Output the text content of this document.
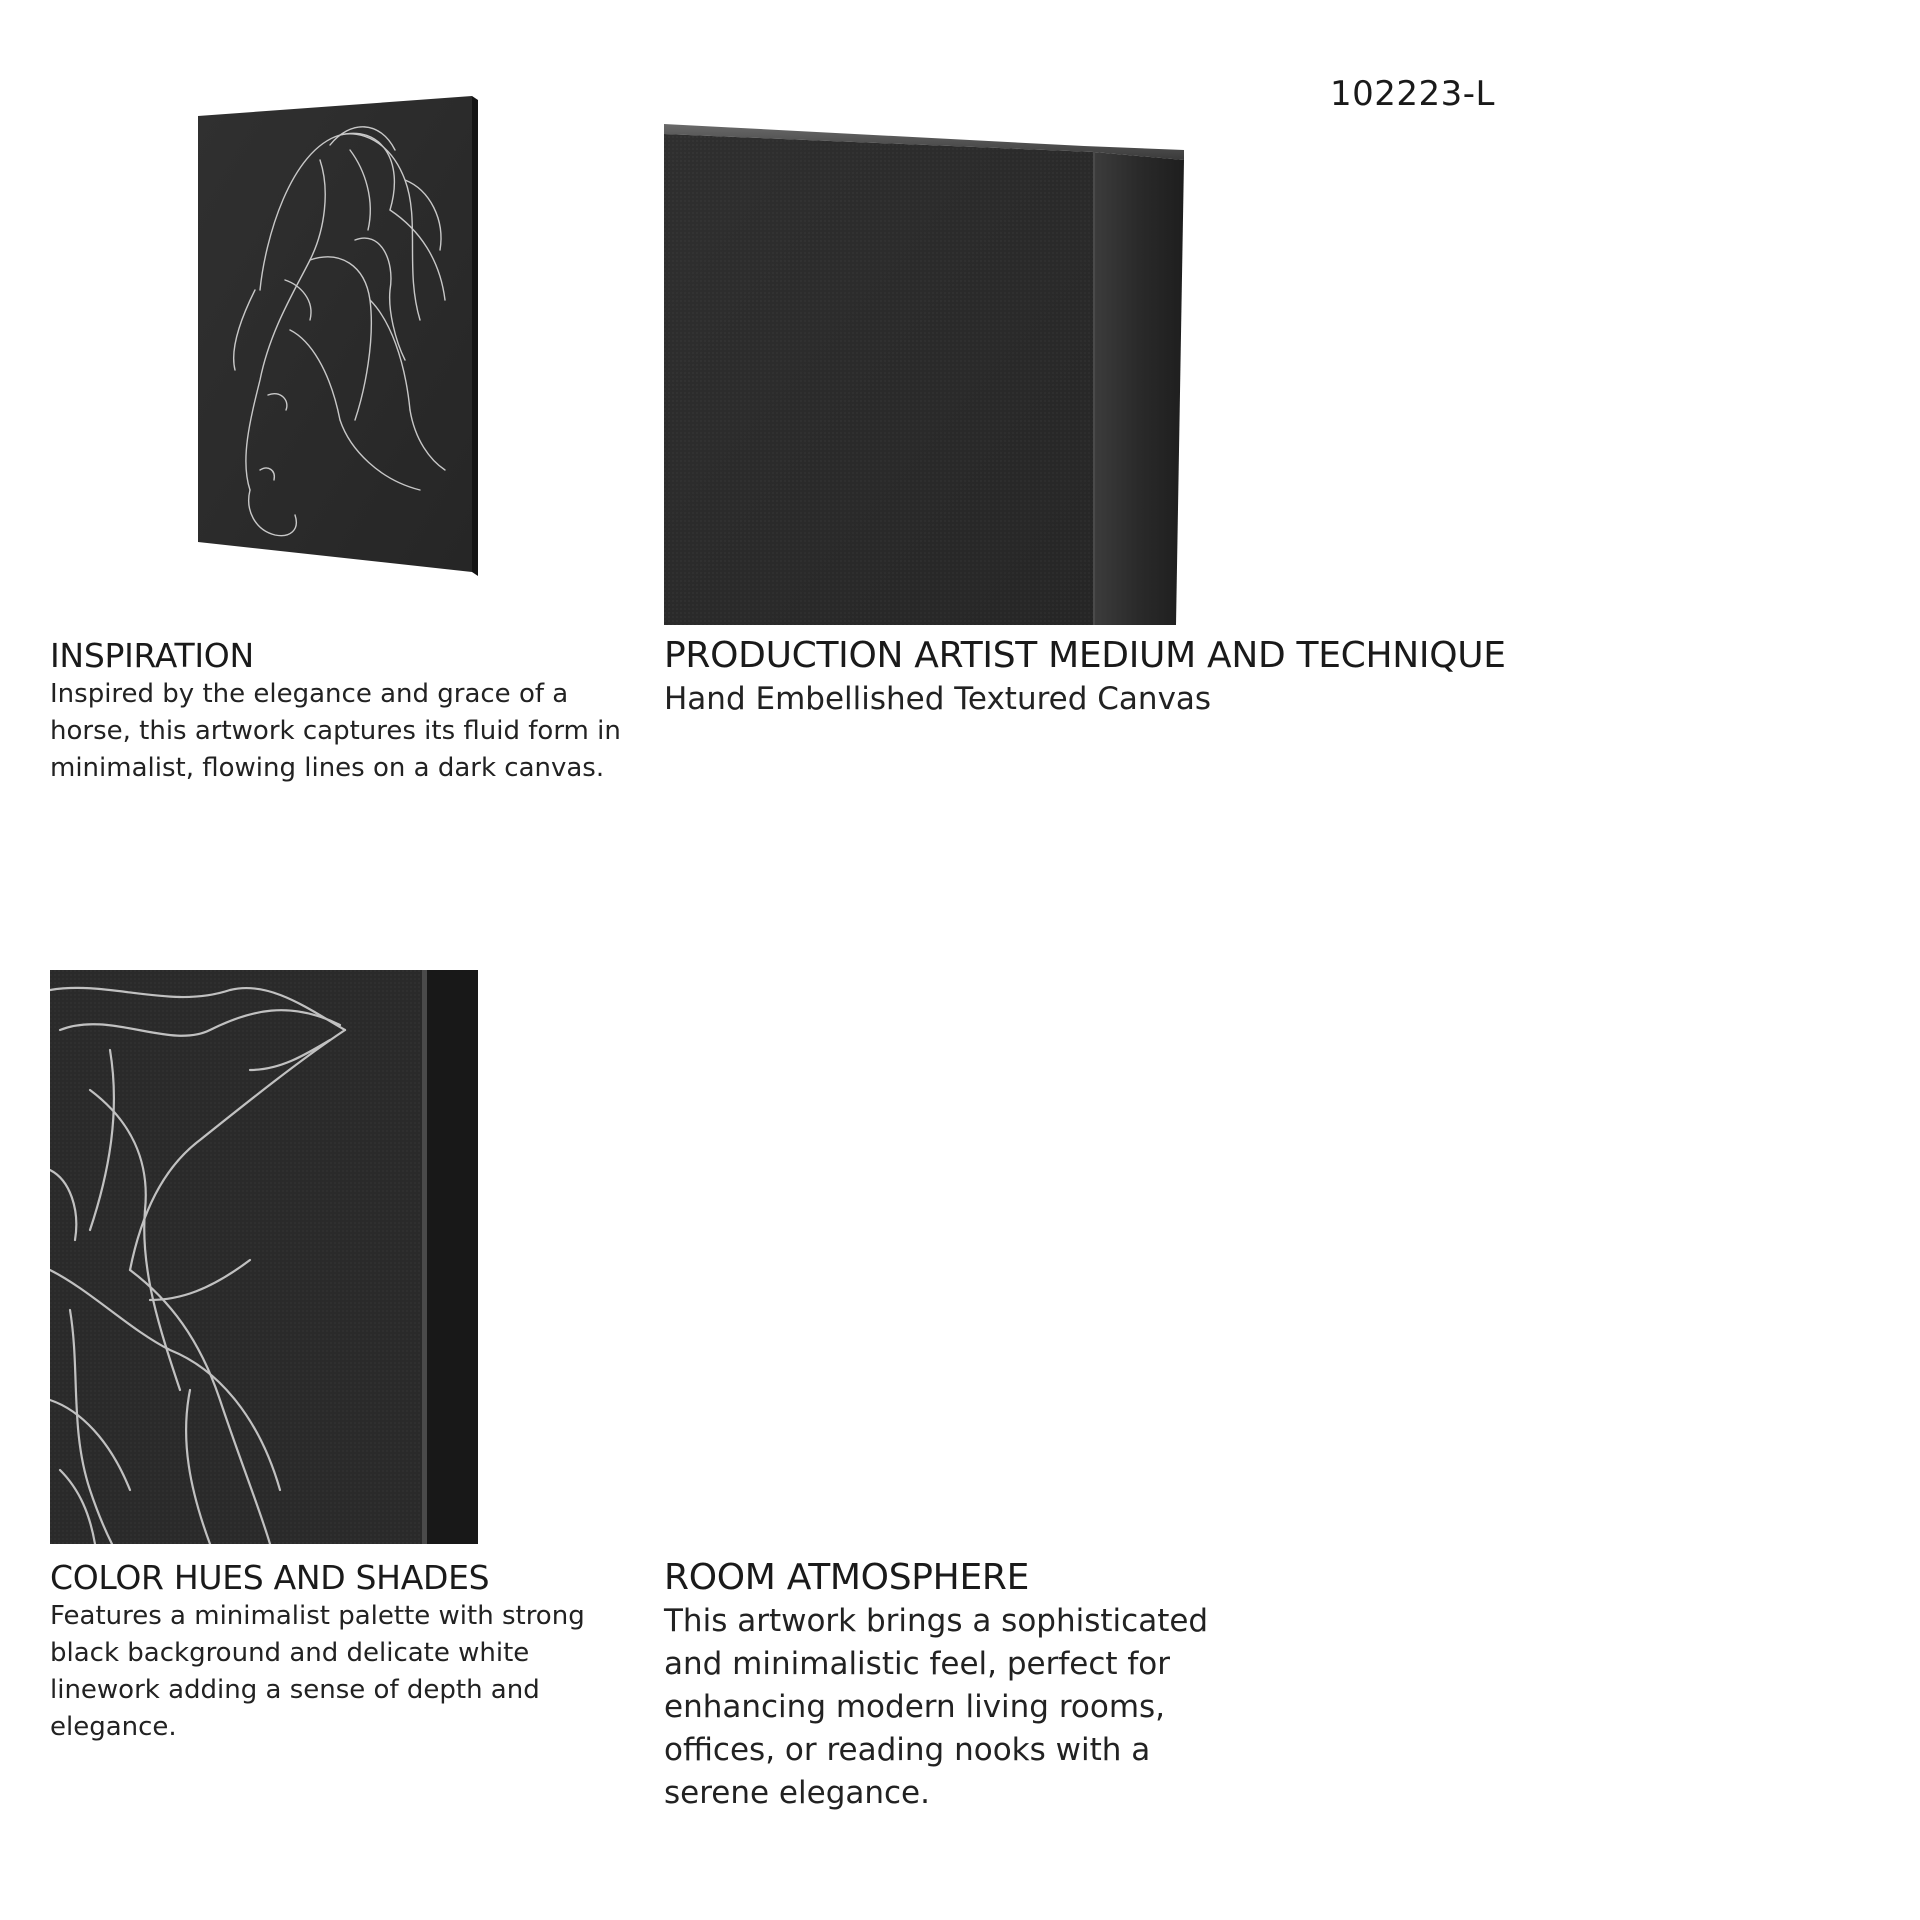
102223-L
INSPIRATION

Inspired by the elegance and grace of a horse, this artwork captures its fluid form in minimalist, flowing lines on a dark canvas.

PRODUCTION ARTIST MEDIUM AND TECHNIQUE

Hand Embellished Textured Canvas

COLOR HUES AND SHADES

Features a minimalist palette with strong black background and delicate white linework adding a sense of depth and elegance.

ROOM ATMOSPHERE

This artwork brings a sophisticated and minimalistic feel, perfect for enhancing modern living rooms, offices, or reading nooks with a serene elegance.
